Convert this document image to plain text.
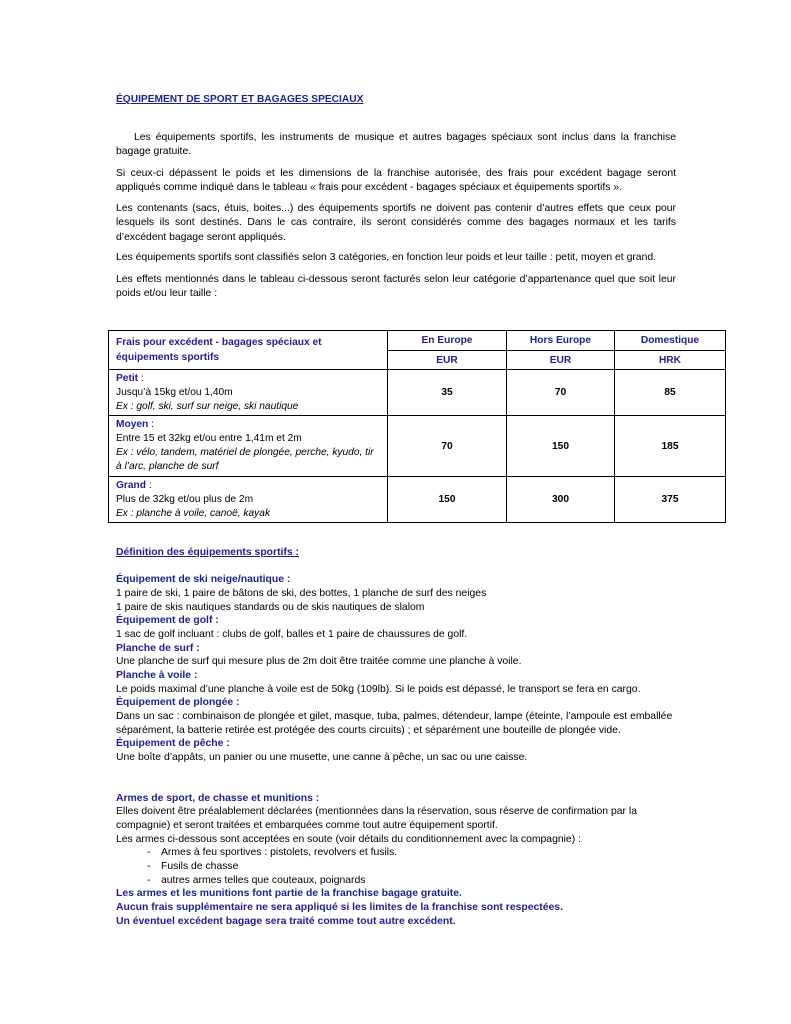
ÉQUIPEMENT DE SPORT ET BAGAGES SPECIAUX
Les équipements sportifs, les instruments de musique et autres bagages spéciaux sont inclus dans la franchise bagage gratuite.
Si ceux-ci dépassent le poids et les dimensions de la franchise autorisée, des frais pour excédent bagage seront appliqués comme indiqué dans le tableau « frais pour excédent - bagages spéciaux et équipements sportifs ».
Les contenants (sacs, étuis, boites...) des équipements sportifs ne doivent pas contenir d’autres effets que ceux pour lesquels ils sont destinés. Dans le cas contraire, ils seront considérés comme des bagages normaux et les tarifs d’excédent bagage seront appliqués.
Les équipements sportifs sont classifiés selon 3 catégories, en fonction leur poids et leur taille : petit, moyen et grand.
Les effets mentionnés dans le tableau ci-dessous seront facturés selon leur catégorie d’appartenance quel que soit leur poids et/ou leur taille :
Frais pour excédent - bagages spéciaux et équipements sportifs	En Europe	Hors Europe	Domestique
	EUR	EUR	HRK
Petit :
Jusqu’à 15kg et/ou 1,40m
Ex : golf, ski, surf sur neige, ski nautique	35	70	85
Moyen :
Entre 15 et 32kg et/ou entre 1,41m et 2m
Ex : vélo, tandem, matériel de plongée, perche, kyudo, tir à l’arc, planche de surf	70	150	185
Grand :
Plus de 32kg et/ou plus de 2m
Ex : planche à voile, canoë, kayak	150	300	375
Définition des équipements sportifs :
Équipement de ski neige/nautique :
1 paire de ski, 1 paire de bâtons de ski, des bottes, 1 planche de surf des neiges
1 paire de skis nautiques standards ou de skis nautiques de slalom
Équipement de golf :
1 sac de golf incluant : clubs de golf, balles et 1 paire de chaussures de golf.
Planche de surf :
Une planche de surf qui mesure plus de 2m doit être traitée comme une planche à voile.
Planche à voile :
Le poids maximal d’une planche à voile est de 50kg (109lb). Si le poids est dépassé, le transport se fera en cargo.
Équipement de plongée :
Dans un sac : combinaison de plongée et gilet, masque, tuba, palmes, détendeur, lampe (éteinte, l’ampoule est emballée séparément, la batterie retirée est protégée des courts circuits) ; et séparément une bouteille de plongée vide.
Équipement de pêche :
Une boîte d’appâts, un panier ou une musette, une canne à pêche, un sac ou une caisse.
Armes de sport, de chasse et munitions :
Elles doivent être préalablement déclarées (mentionnées dans la réservation, sous réserve de confirmation par la compagnie) et seront traitées et embarquées comme tout autre équipement sportif.
Les armes ci-dessous sont acceptées en soute (voir détails du conditionnement avec la compagnie) :
-	Armes à feu sportives : pistolets, revolvers et fusils.
-	Fusils de chasse
-	autres armes telles que couteaux, poignards
Les armes et les munitions font partie de la franchise bagage gratuite.
Aucun frais supplémentaire ne sera appliqué si les limites de la franchise sont respectées.
Un éventuel excédent bagage sera traité comme tout autre excédent.
